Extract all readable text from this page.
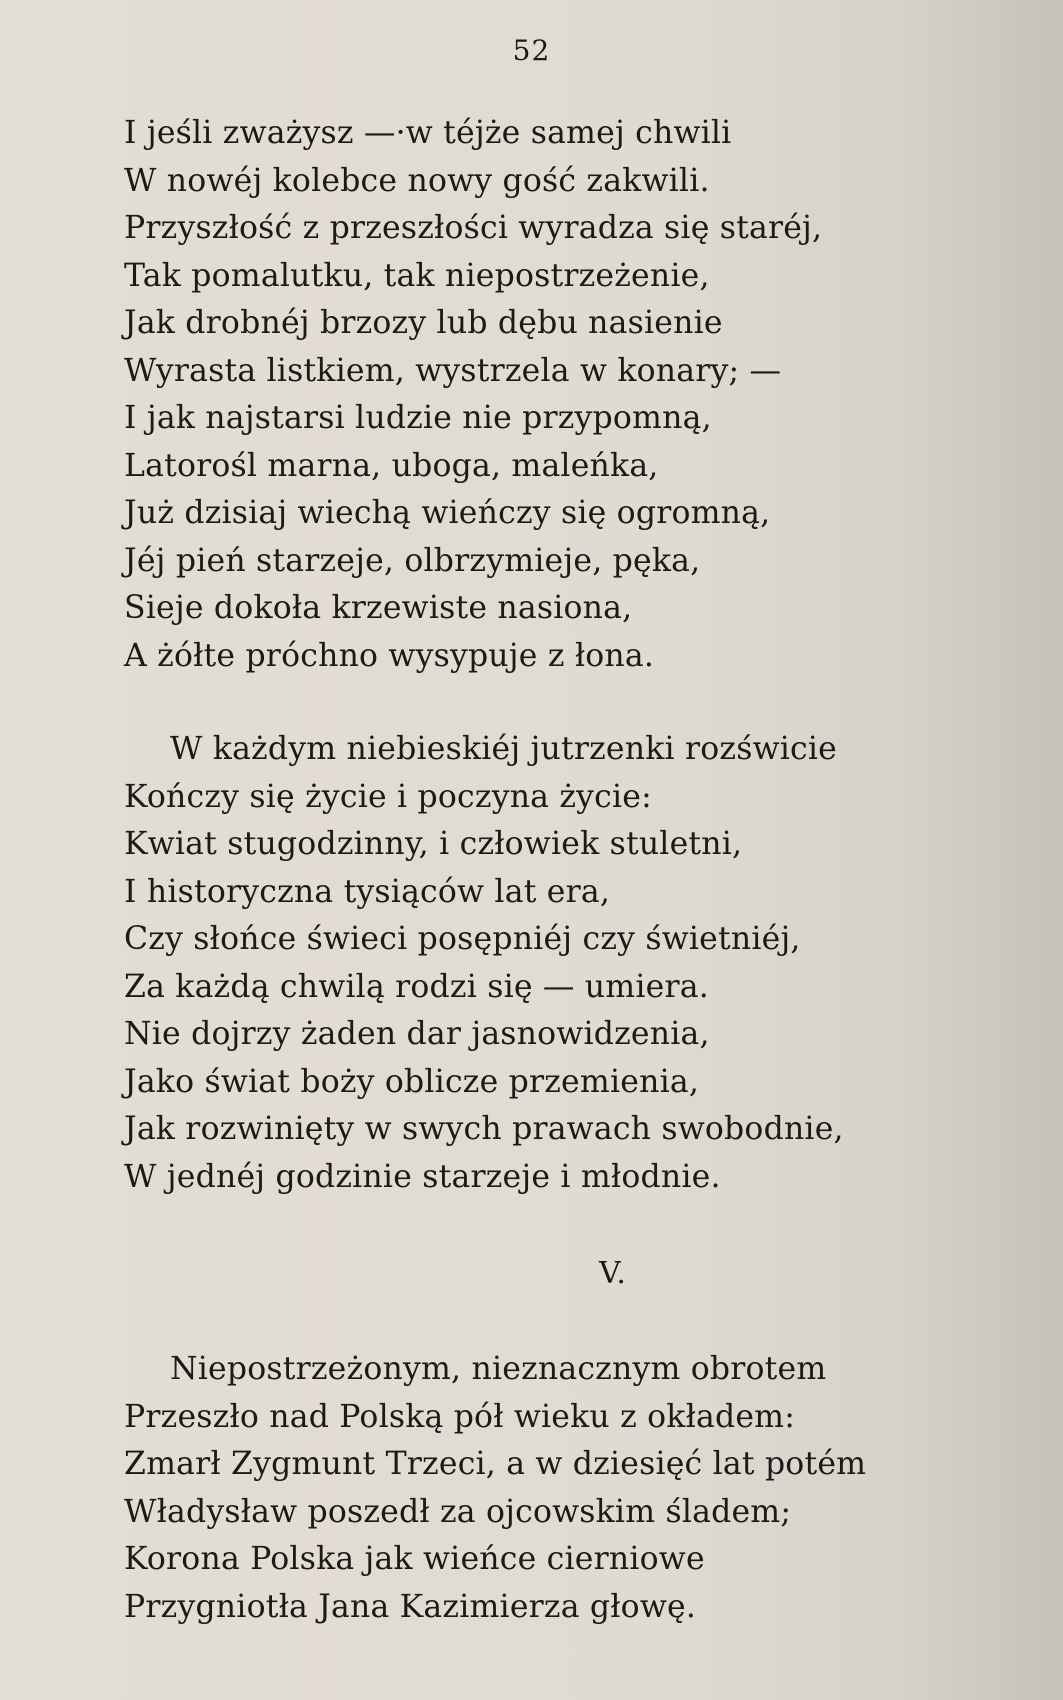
52
I jeśli zważysz —·w téjże samej chwili
W nowéj kolebce nowy gość zakwili.
Przyszłość z przeszłości wyradza się staréj,
Tak pomalutku, tak niepostrzeżenie,
Jak drobnéj brzozy lub dębu nasienie
Wyrasta listkiem, wystrzela w konary; —
I jak najstarsi ludzie nie przypomną,
Latorośl marna, uboga, maleńka,
Już dzisiaj wiechą wieńczy się ogromną,
Jéj pień starzeje, olbrzymieje, pęka,
Sieje dokoła krzewiste nasiona,
A żółte próchno wysypuje z łona.
W każdym niebieskiéj jutrzenki rozświcie
Kończy się życie i poczyna życie:
Kwiat stugodzinny, i człowiek stuletni,
I historyczna tysiąców lat era,
Czy słońce świeci posępniéj czy świetniéj,
Za każdą chwilą rodzi się — umiera.
Nie dojrzy żaden dar jasnowidzenia,
Jako świat boży oblicze przemienia,
Jak rozwinięty w swych prawach swobodnie,
W jednéj godzinie starzeje i młodnie.
V.
Niepostrzeżonym, nieznacznym obrotem
Przeszło nad Polską pół wieku z okładem:
Zmarł Zygmunt Trzeci, a w dziesięć lat potém
Władysław poszedł za ojcowskim śladem;
Korona Polska jak wieńce cierniowe
Przygniotła Jana Kazimierza głowę.
